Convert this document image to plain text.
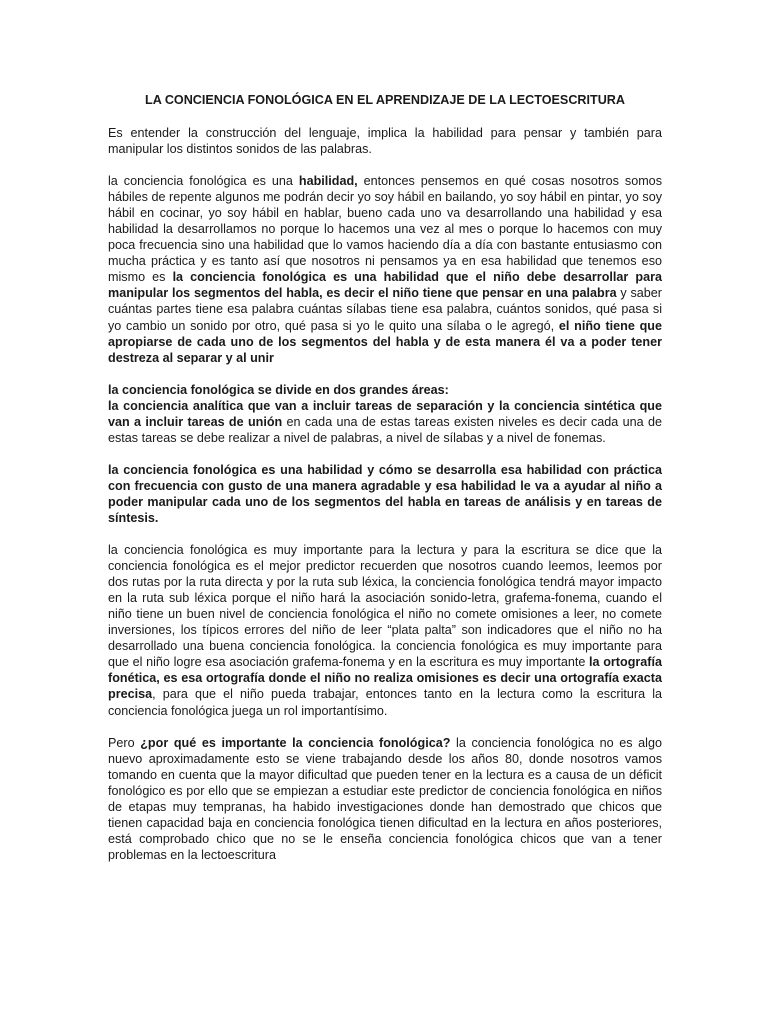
LA CONCIENCIA FONOLÓGICA EN EL APRENDIZAJE DE LA LECTOESCRITURA

Es entender la construcción del lenguaje, implica la habilidad para pensar y también para manipular los distintos sonidos de las palabras.

la conciencia fonológica es una habilidad, entonces pensemos en qué cosas nosotros somos hábiles de repente algunos me podrán decir yo soy hábil en bailando, yo soy hábil en pintar, yo soy hábil en cocinar, yo soy hábil en hablar, bueno cada uno va desarrollando una habilidad y esa habilidad la desarrollamos no porque lo hacemos una vez al mes o porque lo hacemos con muy poca frecuencia sino una habilidad que lo vamos haciendo día a día con bastante entusiasmo con mucha práctica y es tanto así que nosotros ni pensamos ya en esa habilidad que tenemos eso mismo es la conciencia fonológica es una habilidad que el niño debe desarrollar para manipular los segmentos del habla, es decir el niño tiene que pensar en una palabra y saber cuántas partes tiene esa palabra cuántas sílabas tiene esa palabra, cuántos sonidos, qué pasa si yo cambio un sonido por otro, qué pasa si yo le quito una sílaba o le agregó, el niño tiene que apropiarse de cada uno de los segmentos del habla y de esta manera él va a poder tener destreza al separar y al unir

la conciencia fonológica se divide en dos grandes áreas:

la conciencia analítica que van a incluir tareas de separación y la conciencia sintética que van a incluir tareas de unión en cada una de estas tareas existen niveles es decir cada una de estas tareas se debe realizar a nivel de palabras, a nivel de sílabas y a nivel de fonemas.

la conciencia fonológica es una habilidad y cómo se desarrolla esa habilidad con práctica con frecuencia con gusto de una manera agradable y esa habilidad le va a ayudar al niño a poder manipular cada uno de los segmentos del habla en tareas de análisis y en tareas de síntesis.

la conciencia fonológica es muy importante para la lectura y para la escritura se dice que la conciencia fonológica es el mejor predictor recuerden que nosotros cuando leemos, leemos por dos rutas por la ruta directa y por la ruta sub léxica, la conciencia fonológica tendrá mayor impacto en la ruta sub léxica porque el niño hará la asociación sonido-letra, grafema-fonema, cuando el niño tiene un buen nivel de conciencia fonológica el niño no comete omisiones a leer, no comete inversiones, los típicos errores del niño de leer “plata palta” son indicadores que el niño no ha desarrollado una buena conciencia fonológica. la conciencia fonológica es muy importante para que el niño logre esa asociación grafema-fonema y en la escritura es muy importante la ortografía fonética, es esa ortografía donde el niño no realiza omisiones es decir una ortografía exacta precisa, para que el niño pueda trabajar, entonces tanto en la lectura como la escritura la conciencia fonológica juega un rol importantísimo.

Pero ¿por qué es importante la conciencia fonológica? la conciencia fonológica no es algo nuevo aproximadamente esto se viene trabajando desde los años 80, donde nosotros vamos tomando en cuenta que la mayor dificultad que pueden tener en la lectura es a causa de un déficit fonológico es por ello que se empiezan a estudiar este predictor de conciencia fonológica en niños de etapas muy tempranas, ha habido investigaciones donde han demostrado que chicos que tienen capacidad baja en conciencia fonológica tienen dificultad en la lectura en años posteriores, está comprobado chico que no se le enseña conciencia fonológica chicos que van a tener problemas en la lectoescritura
